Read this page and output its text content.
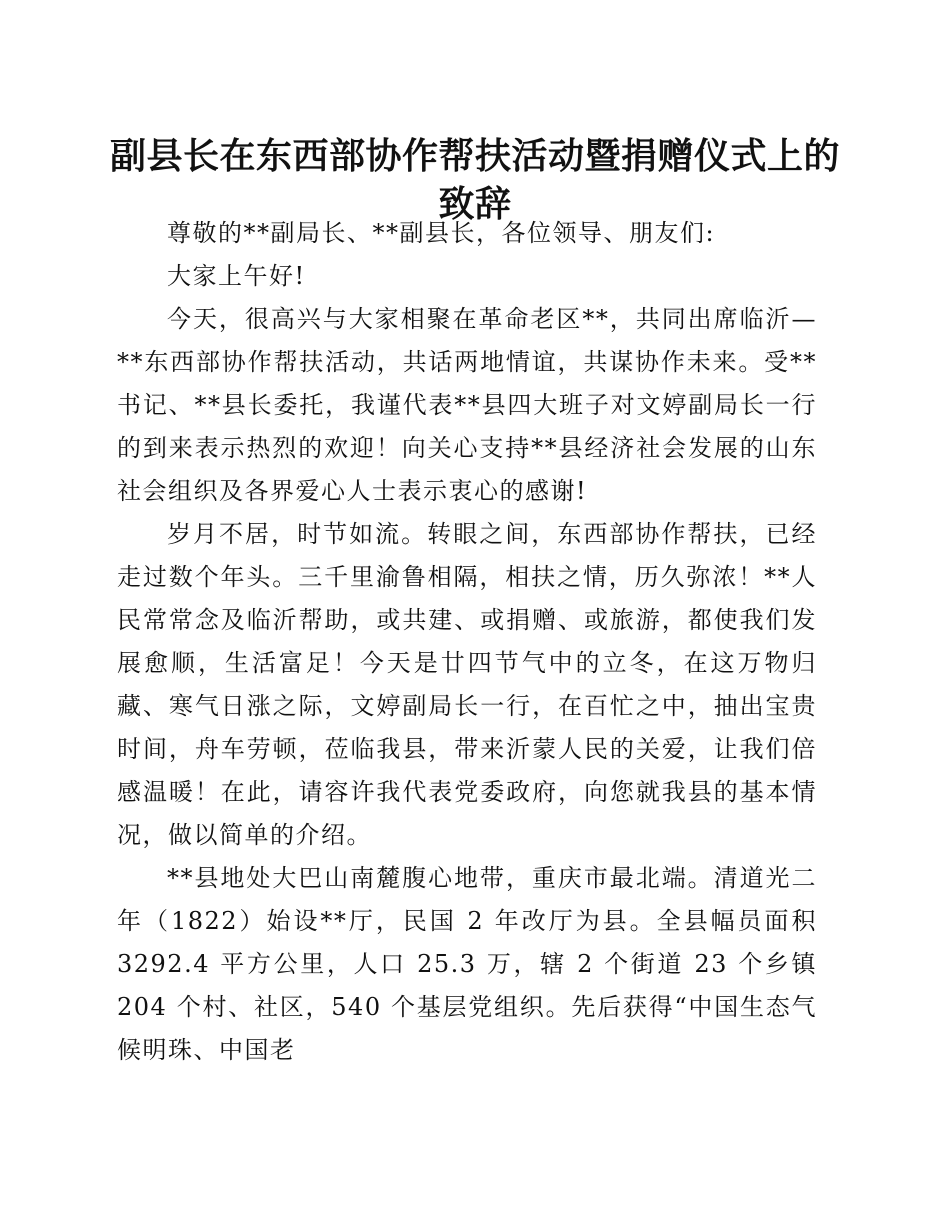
副县长在东西部协作帮扶活动暨捐赠仪式上的
致辞

尊敬的**副局长、**副县长，各位领导、朋友们:

大家上午好!

今天，很高兴与大家相聚在革命老区**，共同出席临沂—**东西部协作帮扶活动，共话两地情谊，共谋协作未来。受**书记、**县长委托，我谨代表**县四大班子对文婷副局长一行的到来表示热烈的欢迎！向关心支持**县经济社会发展的山东社会组织及各界爱心人士表示衷心的感谢!

岁月不居，时节如流。转眼之间，东西部协作帮扶，已经走过数个年头。三千里渝鲁相隔，相扶之情，历久弥浓！**人民常常念及临沂帮助，或共建、或捐赠、或旅游，都使我们发展愈顺，生活富足！今天是廿四节气中的立冬，在这万物归藏、寒气日涨之际，文婷副局长一行，在百忙之中，抽出宝贵时间，舟车劳顿，莅临我县，带来沂蒙人民的关爱，让我们倍感温暖！在此，请容许我代表党委政府，向您就我县的基本情况，做以简单的介绍。

**县地处大巴山南麓腹心地带，重庆市最北端。清道光二年（1822）始设**厅，民国 2 年改厅为县。全县幅员面积 3292.4 平方公里，人口 25.3 万，辖 2 个街道 23 个乡镇 204 个村、社区，540 个基层党组织。先后获得“中国生态气候明珠、中国老
